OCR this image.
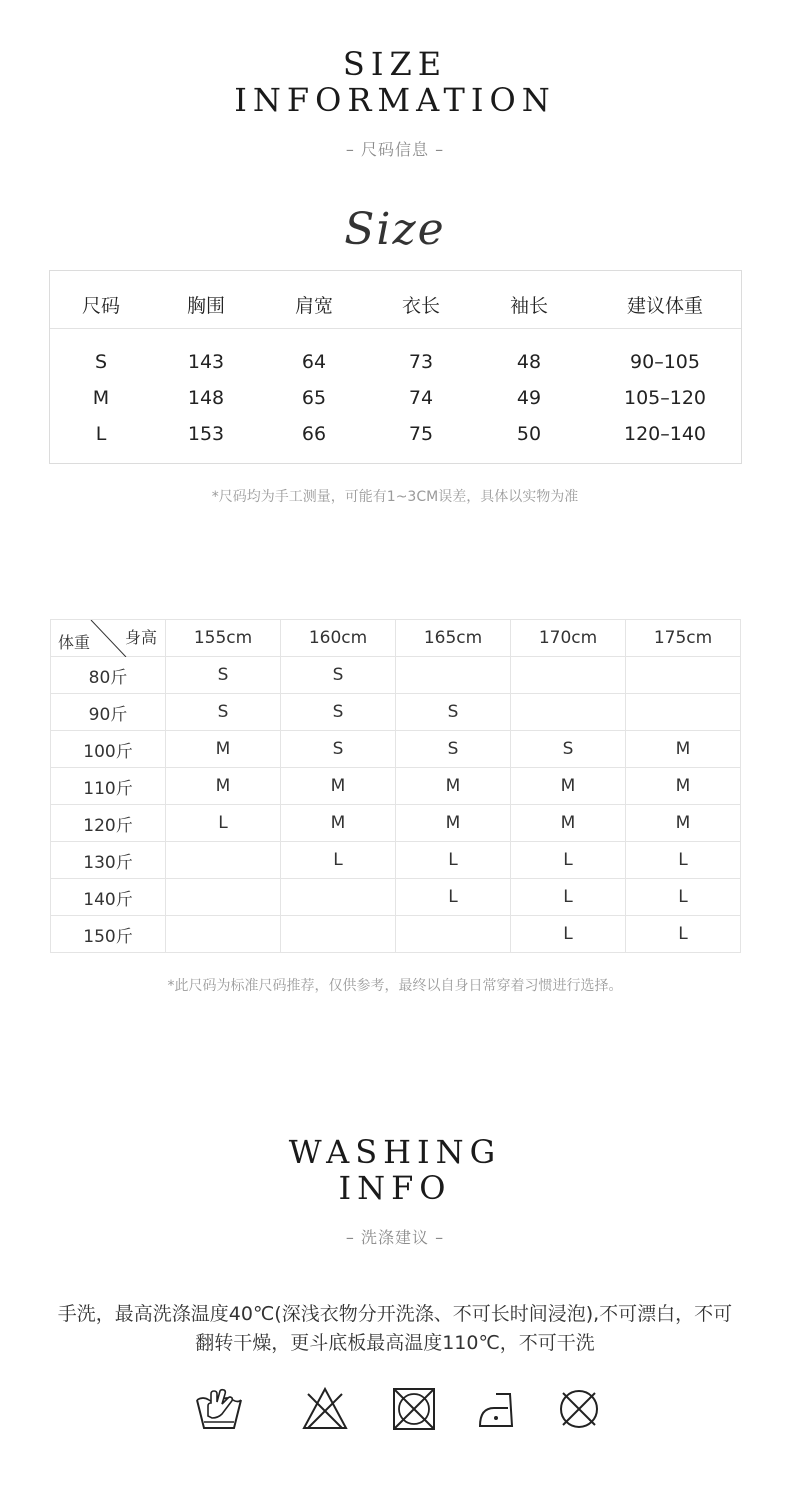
SIZE
INFORMATION
– 尺码信息 –
Size
尺码	胸围	肩宽	衣长	袖长	建议体重
S	143	64	73	48	90–105
M	148	65	74	49	105–120
L	153	66	75	50	120–140
*尺码均为手工测量，可能有1~3CM误差，具体以实物为准
身高
体重	155cm	160cm	165cm	170cm	175cm
80斤	S	S			
90斤	S	S	S		
100斤	M	S	S	S	M
110斤	M	M	M	M	M
120斤	L	M	M	M	M
130斤		L	L	L	L
140斤			L	L	L
150斤				L	L
*此尺码为标准尺码推荐，仅供参考，最终以自身日常穿着习惯进行选择。
WASHING
INFO
– 洗涤建议 –
手洗，最高洗涤温度40℃(深浅衣物分开洗涤、不可长时间浸泡),不可漂白，不可
翻转干燥，更斗底板最高温度110℃，不可干洗
